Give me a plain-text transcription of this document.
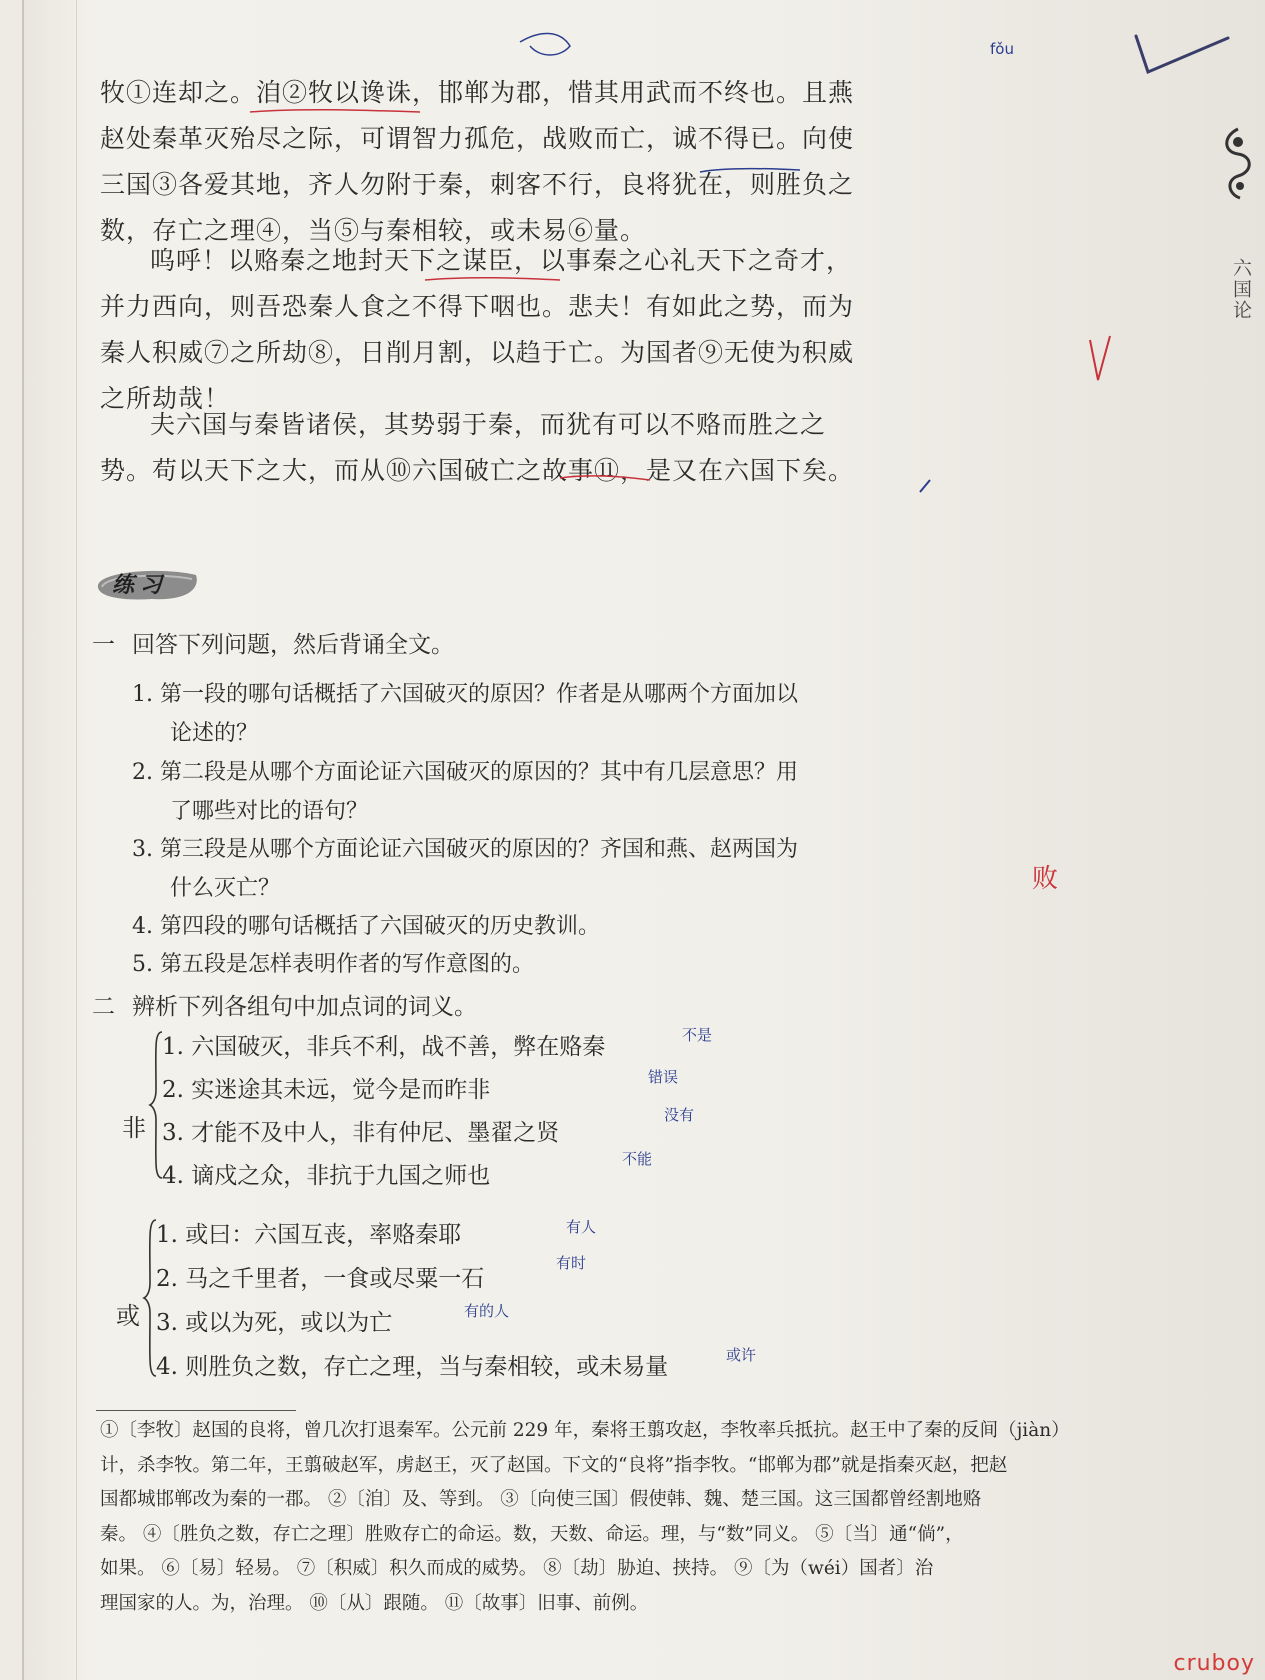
六国论
牧①连却之。洎②牧以谗诛，邯郸为郡，惜其用武而不终也。且燕
赵处秦革灭殆尽之际，可谓智力孤危，战败而亡，诚不得已。向使
三国③各爱其地，齐人勿附于秦，刺客不行，良将犹在，则胜负之
数，存亡之理④，当⑤与秦相较，或未易⑥量。
呜呼！以赂秦之地封天下之谋臣，以事秦之心礼天下之奇才，
并力西向，则吾恐秦人食之不得下咽也。悲夫！有如此之势，而为
秦人积威⑦之所劫⑧，日削月割，以趋于亡。为国者⑨无使为积威
之所劫哉！
夫六国与秦皆诸侯，其势弱于秦，而犹有可以不赂而胜之之
势。苟以天下之大，而从⑩六国破亡之故事⑪，是又在六国下矣。
练习
一 回答下列问题，然后背诵全文。
1. 第一段的哪句话概括了六国破灭的原因？作者是从哪两个方面加以
论述的？
2. 第二段是从哪个方面论证六国破灭的原因的？其中有几层意思？用
了哪些对比的语句？
3. 第三段是从哪个方面论证六国破灭的原因的？齐国和燕、赵两国为
什么灭亡？
4. 第四段的哪句话概括了六国破灭的历史教训。
5. 第五段是怎样表明作者的写作意图的。
二 辨析下列各组句中加点词的词义。
非
1. 六国破灭，非兵不利，战不善，弊在赂秦
2. 实迷途其未远，觉今是而昨非
3. 才能不及中人，非有仲尼、墨翟之贤
4. 谪戍之众，非抗于九国之师也
或
1. 或曰：六国互丧，率赂秦耶
2. 马之千里者，一食或尽粟一石
3. 或以为死，或以为亡
4. 则胜负之数，存亡之理，当与秦相较，或未易量
不是
错误
没有
不能
有人
有时
有的人
或许
fǒu
败
①〔李牧〕赵国的良将，曾几次打退秦军。公元前 229 年，秦将王翦攻赵，李牧率兵抵抗。赵王中了秦的反间（jiàn）
计，杀李牧。第二年，王翦破赵军，虏赵王，灭了赵国。下文的“良将”指李牧。“邯郸为郡”就是指秦灭赵，把赵
国都城邯郸改为秦的一郡。 ②〔洎〕及、等到。 ③〔向使三国〕假使韩、魏、楚三国。这三国都曾经割地赂
秦。 ④〔胜负之数，存亡之理〕胜败存亡的命运。数，天数、命运。理，与“数”同义。 ⑤〔当〕通“倘”，
如果。 ⑥〔易〕轻易。 ⑦〔积威〕积久而成的威势。 ⑧〔劫〕胁迫、挟持。 ⑨〔为（wéi）国者〕治
理国家的人。为，治理。 ⑩〔从〕跟随。 ⑪〔故事〕旧事、前例。
cruboy
